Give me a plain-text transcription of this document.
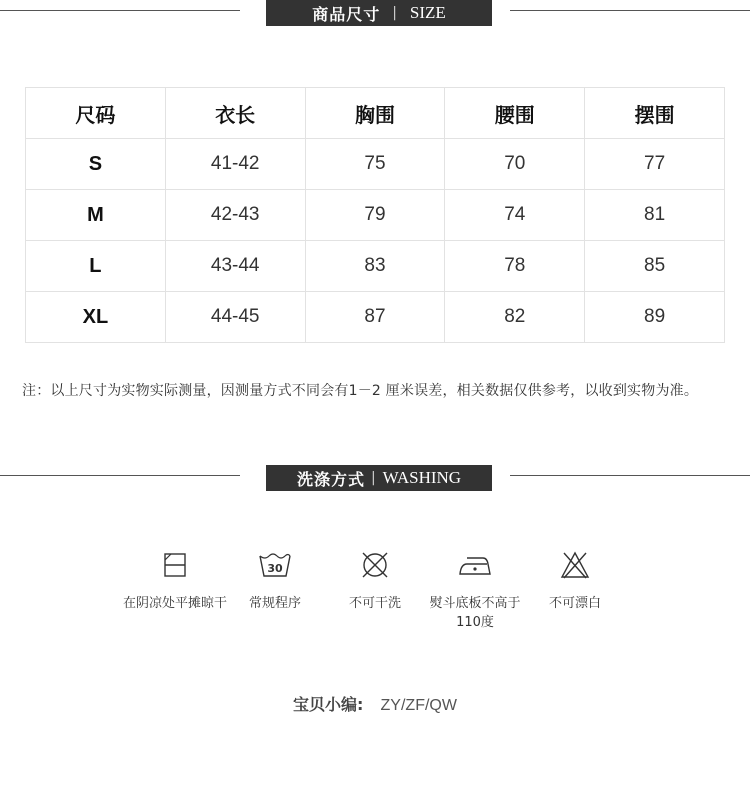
商品尺寸 | SIZE
尺码	衣长	胸围	腰围	摆围
S	41-42	75	70	77
M	42-43	79	74	81
L	43-44	83	78	85
XL	44-45	87	82	89
注：以上尺寸为实物实际测量，因测量方式不同会有1－2 厘米误差，相关数据仅供参考，以收到实物为准。
洗涤方式 | WASHING
在阴凉处平摊晾干
30
常规程序	不可干洗	熨斗底板不高于110度
不可漂白
宝贝小编: ZY/ZF/QW
